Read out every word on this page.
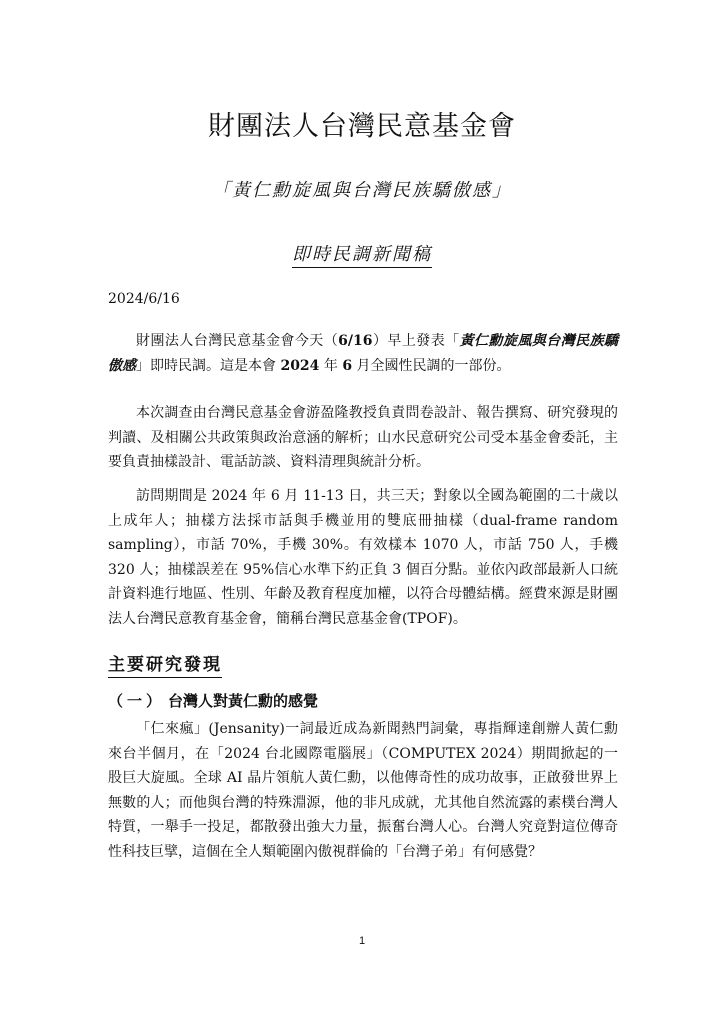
財團法人台灣民意基金會
「黃仁勳旋風與台灣民族驕傲感」
即時民調新聞稿
2024/6/16
財團法人台灣民意基金會今天（6/16）早上發表「黃仁勳旋風與台灣民族驕傲感」即時民調。這是本會 2024 年 6 月全國性民調的一部份。
本次調查由台灣民意基金會游盈隆教授負責問卷設計、報告撰寫、研究發現的判讀、及相關公共政策與政治意涵的解析；山水民意研究公司受本基金會委託，主要負責抽樣設計、電話訪談、資料清理與統計分析。
訪問期間是 2024 年 6 月 11-13 日，共三天；對象以全國為範圍的二十歲以上成年人；抽樣方法採市話與手機並用的雙底冊抽樣（dual-frame random sampling），市話 70%，手機 30%。有效樣本 1070 人，市話 750 人，手機 320 人；抽樣誤差在 95%信心水準下約正負 3 個百分點。並依內政部最新人口統計資料進行地區、性別、年齡及教育程度加權，以符合母體結構。經費來源是財團法人台灣民意教育基金會，簡稱台灣民意基金會(TPOF)。
主要研究發現
（一） 台灣人對黃仁勳的感覺
「仁來瘋」(Jensanity)一詞最近成為新聞熱門詞彙，專指輝達創辦人黃仁勳來台半個月，在「2024 台北國際電腦展」（COMPUTEX 2024）期間掀起的一股巨大旋風。全球 AI 晶片領航人黃仁勳，以他傳奇性的成功故事，正啟發世界上無數的人；而他與台灣的特殊淵源，他的非凡成就，尤其他自然流露的素樸台灣人特質，一舉手一投足，都散發出強大力量，振奮台灣人心。台灣人究竟對這位傳奇性科技巨擘，這個在全人類範圍內傲視群倫的「台灣子弟」有何感覺？
1
